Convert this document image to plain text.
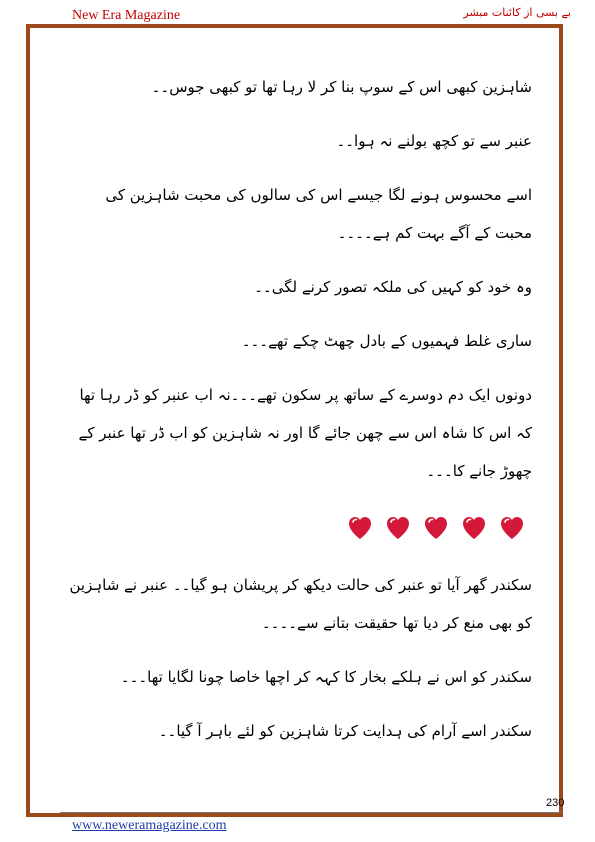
New Era Magazine	بے بسی از کائنات مبشر

شاہزین کبھی اس کے سوپ بنا کر لا رہا تھا تو کبھی جوس۔۔

عنبر سے تو کچھ بولنے نہ ہوا۔۔

اسے محسوس ہونے لگا جیسے اس کی سالوں کی محبت شاہزین کی محبت کے آگے بہت کم ہے۔۔۔۔

وہ خود کو کہیں کی ملکہ تصور کرنے لگی۔۔

ساری غلط فہمیوں کے بادل چھٹ چکے تھے۔۔۔

دونوں ایک دم دوسرے کے ساتھ پر سکون تھے۔۔۔نہ اب عنبر کو ڈر رہا تھا کہ اس کا شاہ اس سے چھن جائے گا اور نہ شاہزین کو اب ڈر تھا عنبر کے چھوڑ جانے کا۔۔۔

سکندر گھر آیا تو عنبر کی حالت دیکھ کر پریشان ہو گیا۔۔ عنبر نے شاہزین کو بھی منع کر دیا تھا حقیقت بتانے سے۔۔۔۔

سکندر کو اس نے ہلکے بخار کا کہہ کر اچھا خاصا چونا لگایا تھا۔۔۔

سکندر اسے آرام کی ہدایت کرتا شاہزین کو لئے باہر آ گیا۔۔

230
www.neweramagazine.com
